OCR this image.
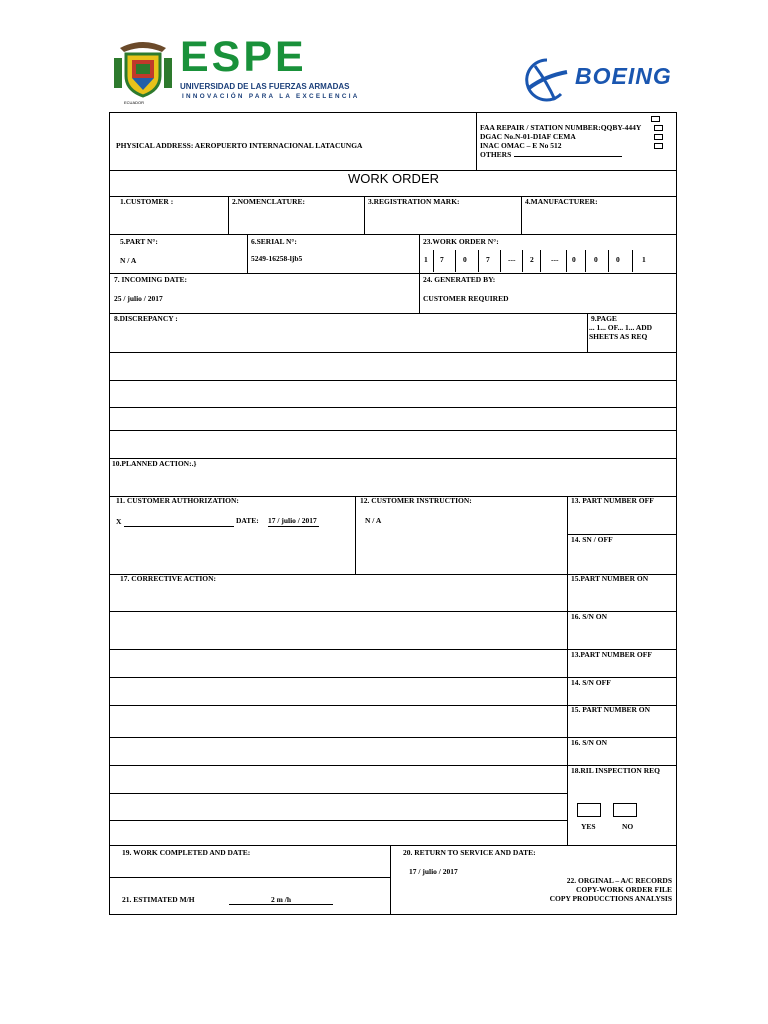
ECUADOR
ESPE
UNIVERSIDAD DE LAS FUERZAS ARMADAS
INNOVACIÓN PARA LA EXCELENCIA
BOEING
PHYSICAL ADDRESS: AEROPUERTO INTERNACIONAL LATACUNGA
FAA REPAIR / STATION NUMBER:QQBY-444Y
DGAC No.N-01-DIAF CEMA
INAC OMAC – E No 512
OTHERS
WORK ORDER
1.CUSTOMER :	2.NOMENCLATURE:	3.REGISTRATION MARK:	4.MANUFACTURER:
5.PART N°:
N / A
6.SERIAL N°:
5249-16258-ljb5
23.WORK ORDER N°:
1 7	0	7 --- 2 --- 0 0 0	1
7. INCOMING DATE:
25 / julio / 2017
24. GENERATED BY:
CUSTOMER REQUIRED
8.DISCREPANCY :	9.PAGE
... 1... OF... 1... ADD
SHEETS AS REQ
10.PLANNED ACTION:.}
11. CUSTOMER AUTHORIZATION:
X	DATE: 17 / julio / 2017
12. CUSTOMER INSTRUCTION:
N / A
13. PART NUMBER OFF
14. SN / OFF
17. CORRECTIVE ACTION:	15.PART NUMBER ON
16. S/N ON
13.PART NUMBER OFF
14. S/N OFF
15. PART NUMBER ON
16. S/N ON
18.RIL INSPECTION REQ
YES	NO
19. WORK COMPLETED AND DATE:	20. RETURN TO SERVICE AND DATE:
17 / julio / 2017
21. ESTIMATED M/H	2 m /h
22. ORGINAL – A/C RECORDS
COPY-WORK ORDER FILE
COPY PRODUCCTIONS ANALYSIS
